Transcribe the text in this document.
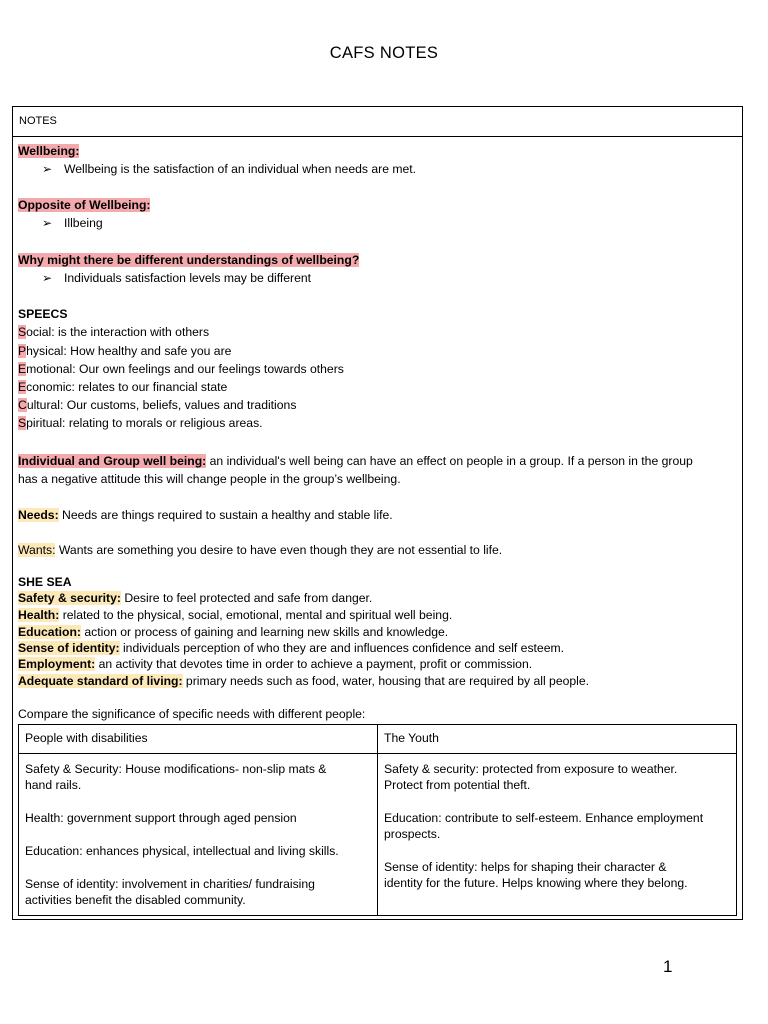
CAFS NOTES
NOTES
Wellbeing:
➢ Wellbeing is the satisfaction of an individual when needs are met.
Opposite of Wellbeing:
➢ Illbeing
Why might there be different understandings of wellbeing?
➢ Individuals satisfaction levels may be different
SPEECS
Social: is the interaction with others
Physical: How healthy and safe you are
Emotional: Our own feelings and our feelings towards others
Economic: relates to our financial state
Cultural: Our customs, beliefs, values and traditions
Spiritual: relating to morals or religious areas.
Individual and Group well being: an individual's well being can have an effect on people in a group. If a person in the group
has a negative attitude this will change people in the group’s wellbeing.
Needs: Needs are things required to sustain a healthy and stable life.
Wants: Wants are something you desire to have even though they are not essential to life.
SHE SEA
Safety & security: Desire to feel protected and safe from danger.
Health: related to the physical, social, emotional, mental and spiritual well being.
Education: action or process of gaining and learning new skills and knowledge.
Sense of identity: individuals perception of who they are and influences confidence and self esteem.
Employment: an activity that devotes time in order to achieve a payment, profit or commission.
Adequate standard of living: primary needs such as food, water, housing that are required by all people.
Compare the significance of specific needs with different people:
People with disabilities	The Youth
Safety & Security: House modifications- non-slip mats &
hand rails.
Health: government support through aged pension
Education: enhances physical, intellectual and living skills.
Sense of identity: involvement in charities/ fundraising
activities benefit the disabled community.
Safety & security: protected from exposure to weather.
Protect from potential theft.
Education: contribute to self-esteem. Enhance employment
prospects.
Sense of identity: helps for shaping their character &
identity for the future. Helps knowing where they belong.
1
